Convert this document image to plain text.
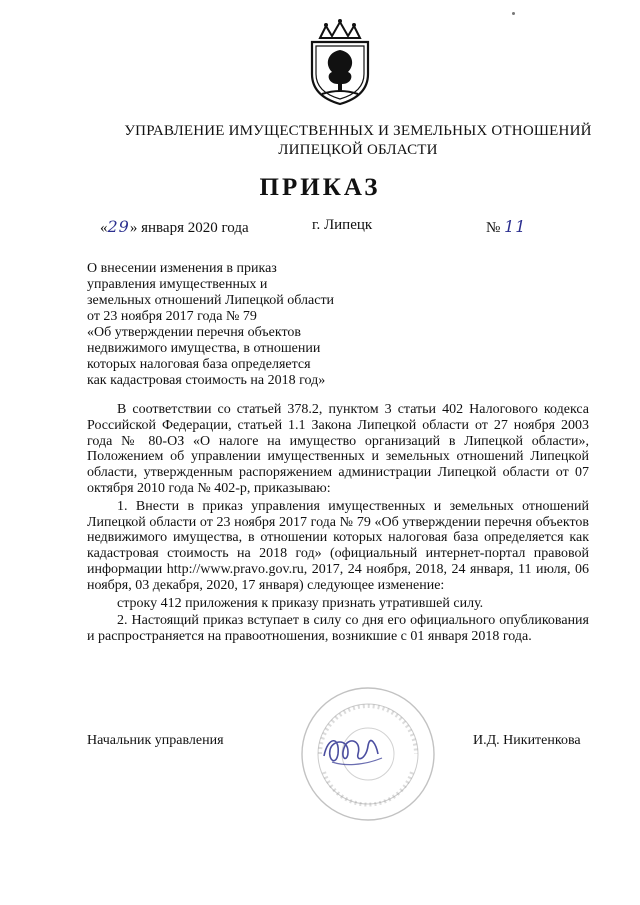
УПРАВЛЕНИЕ ИМУЩЕСТВЕННЫХ И ЗЕМЕЛЬНЫХ ОТНОШЕНИЙ
ЛИПЕЦКОЙ ОБЛАСТИ
ПРИКАЗ
«29» января 2020 года	г. Липецк	№ 11
О внесении изменения в приказ
управления имущественных и
земельных отношений Липецкой области
от 23 ноября 2017 года № 79
«Об утверждении перечня объектов
недвижимого имущества, в отношении
которых налоговая база определяется
как кадастровая стоимость на 2018 год»

В соответствии со статьей 378.2, пунктом 3 статьи 402 Налогового кодекса Российской Федерации, статьей 1.1 Закона Липецкой области от 27 ноября 2003 года № 80-ОЗ «О налоге на имущество организаций в Липецкой области», Положением об управлении имущественных и земельных отношений Липецкой области, утвержденным распоряжением администрации Липецкой области от 07 октября 2010 года № 402-р, приказываю:

1. Внести в приказ управления имущественных и земельных отношений Липецкой области от 23 ноября 2017 года № 79 «Об утверждении перечня объектов недвижимого имущества, в отношении которых налоговая база определяется как кадастровая стоимость на 2018 год» (официальный интернет-портал правовой информации http://www.pravo.gov.ru, 2017, 24 ноября, 2018, 24 января, 11 июля, 06 ноября, 03 декабря, 2020, 17 января) следующее изменение:

строку 412 приложения к приказу признать утратившей силу.

2. Настоящий приказ вступает в силу со дня его официального опубликования и распространяется на правоотношения, возникшие с 01 января 2018 года.

Начальник управления	И.Д. Никитенкова
